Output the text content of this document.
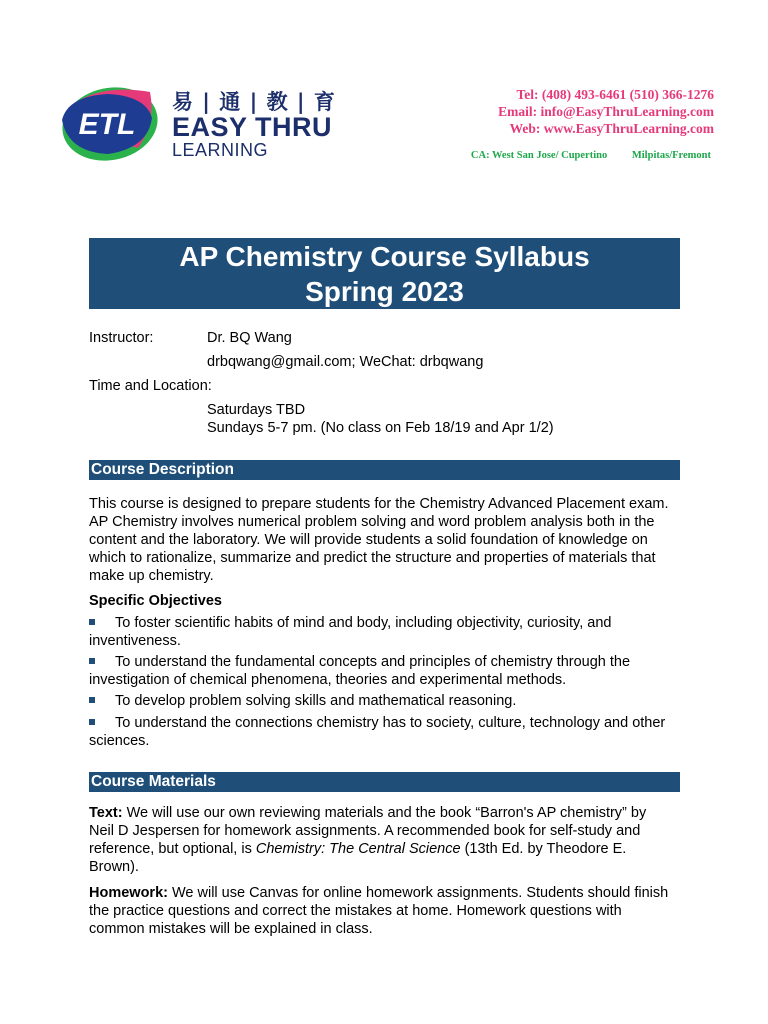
ETL
易 | 通 | 教 | 育
EASY THRU
LEARNING
Tel: (408) 493-6461 (510) 366-1276
Email: info@EasyThruLearning.com
Web: www.EasyThruLearning.com
CA: West San Jose/ Cupertino Milpitas/Fremont
AP Chemistry Course Syllabus
Spring 2023
Instructor:	Dr. BQ Wang
drbqwang@gmail.com; WeChat: drbqwang
Time and Location:
Saturdays TBD
Sundays 5-7 pm. (No class on Feb 18/19 and Apr 1/2)
Course Description
This course is designed to prepare students for the Chemistry Advanced Placement exam. AP Chemistry involves numerical problem solving and word problem analysis both in the content and the laboratory. We will provide students a solid foundation of knowledge on which to rationalize, summarize and predict the structure and properties of materials that make up chemistry.
Specific Objectives
To foster scientific habits of mind and body, including objectivity, curiosity, and inventiveness.
To understand the fundamental concepts and principles of chemistry through the investigation of chemical phenomena, theories and experimental methods.
To develop problem solving skills and mathematical reasoning.
To understand the connections chemistry has to society, culture, technology and other sciences.
Course Materials
Text: We will use our own reviewing materials and the book “Barron's AP chemistry” by Neil D Jespersen for homework assignments. A recommended book for self-study and reference, but optional, is Chemistry: The Central Science (13th Ed. by Theodore E. Brown).
Homework: We will use Canvas for online homework assignments. Students should finish the practice questions and correct the mistakes at home. Homework questions with common mistakes will be explained in class.
